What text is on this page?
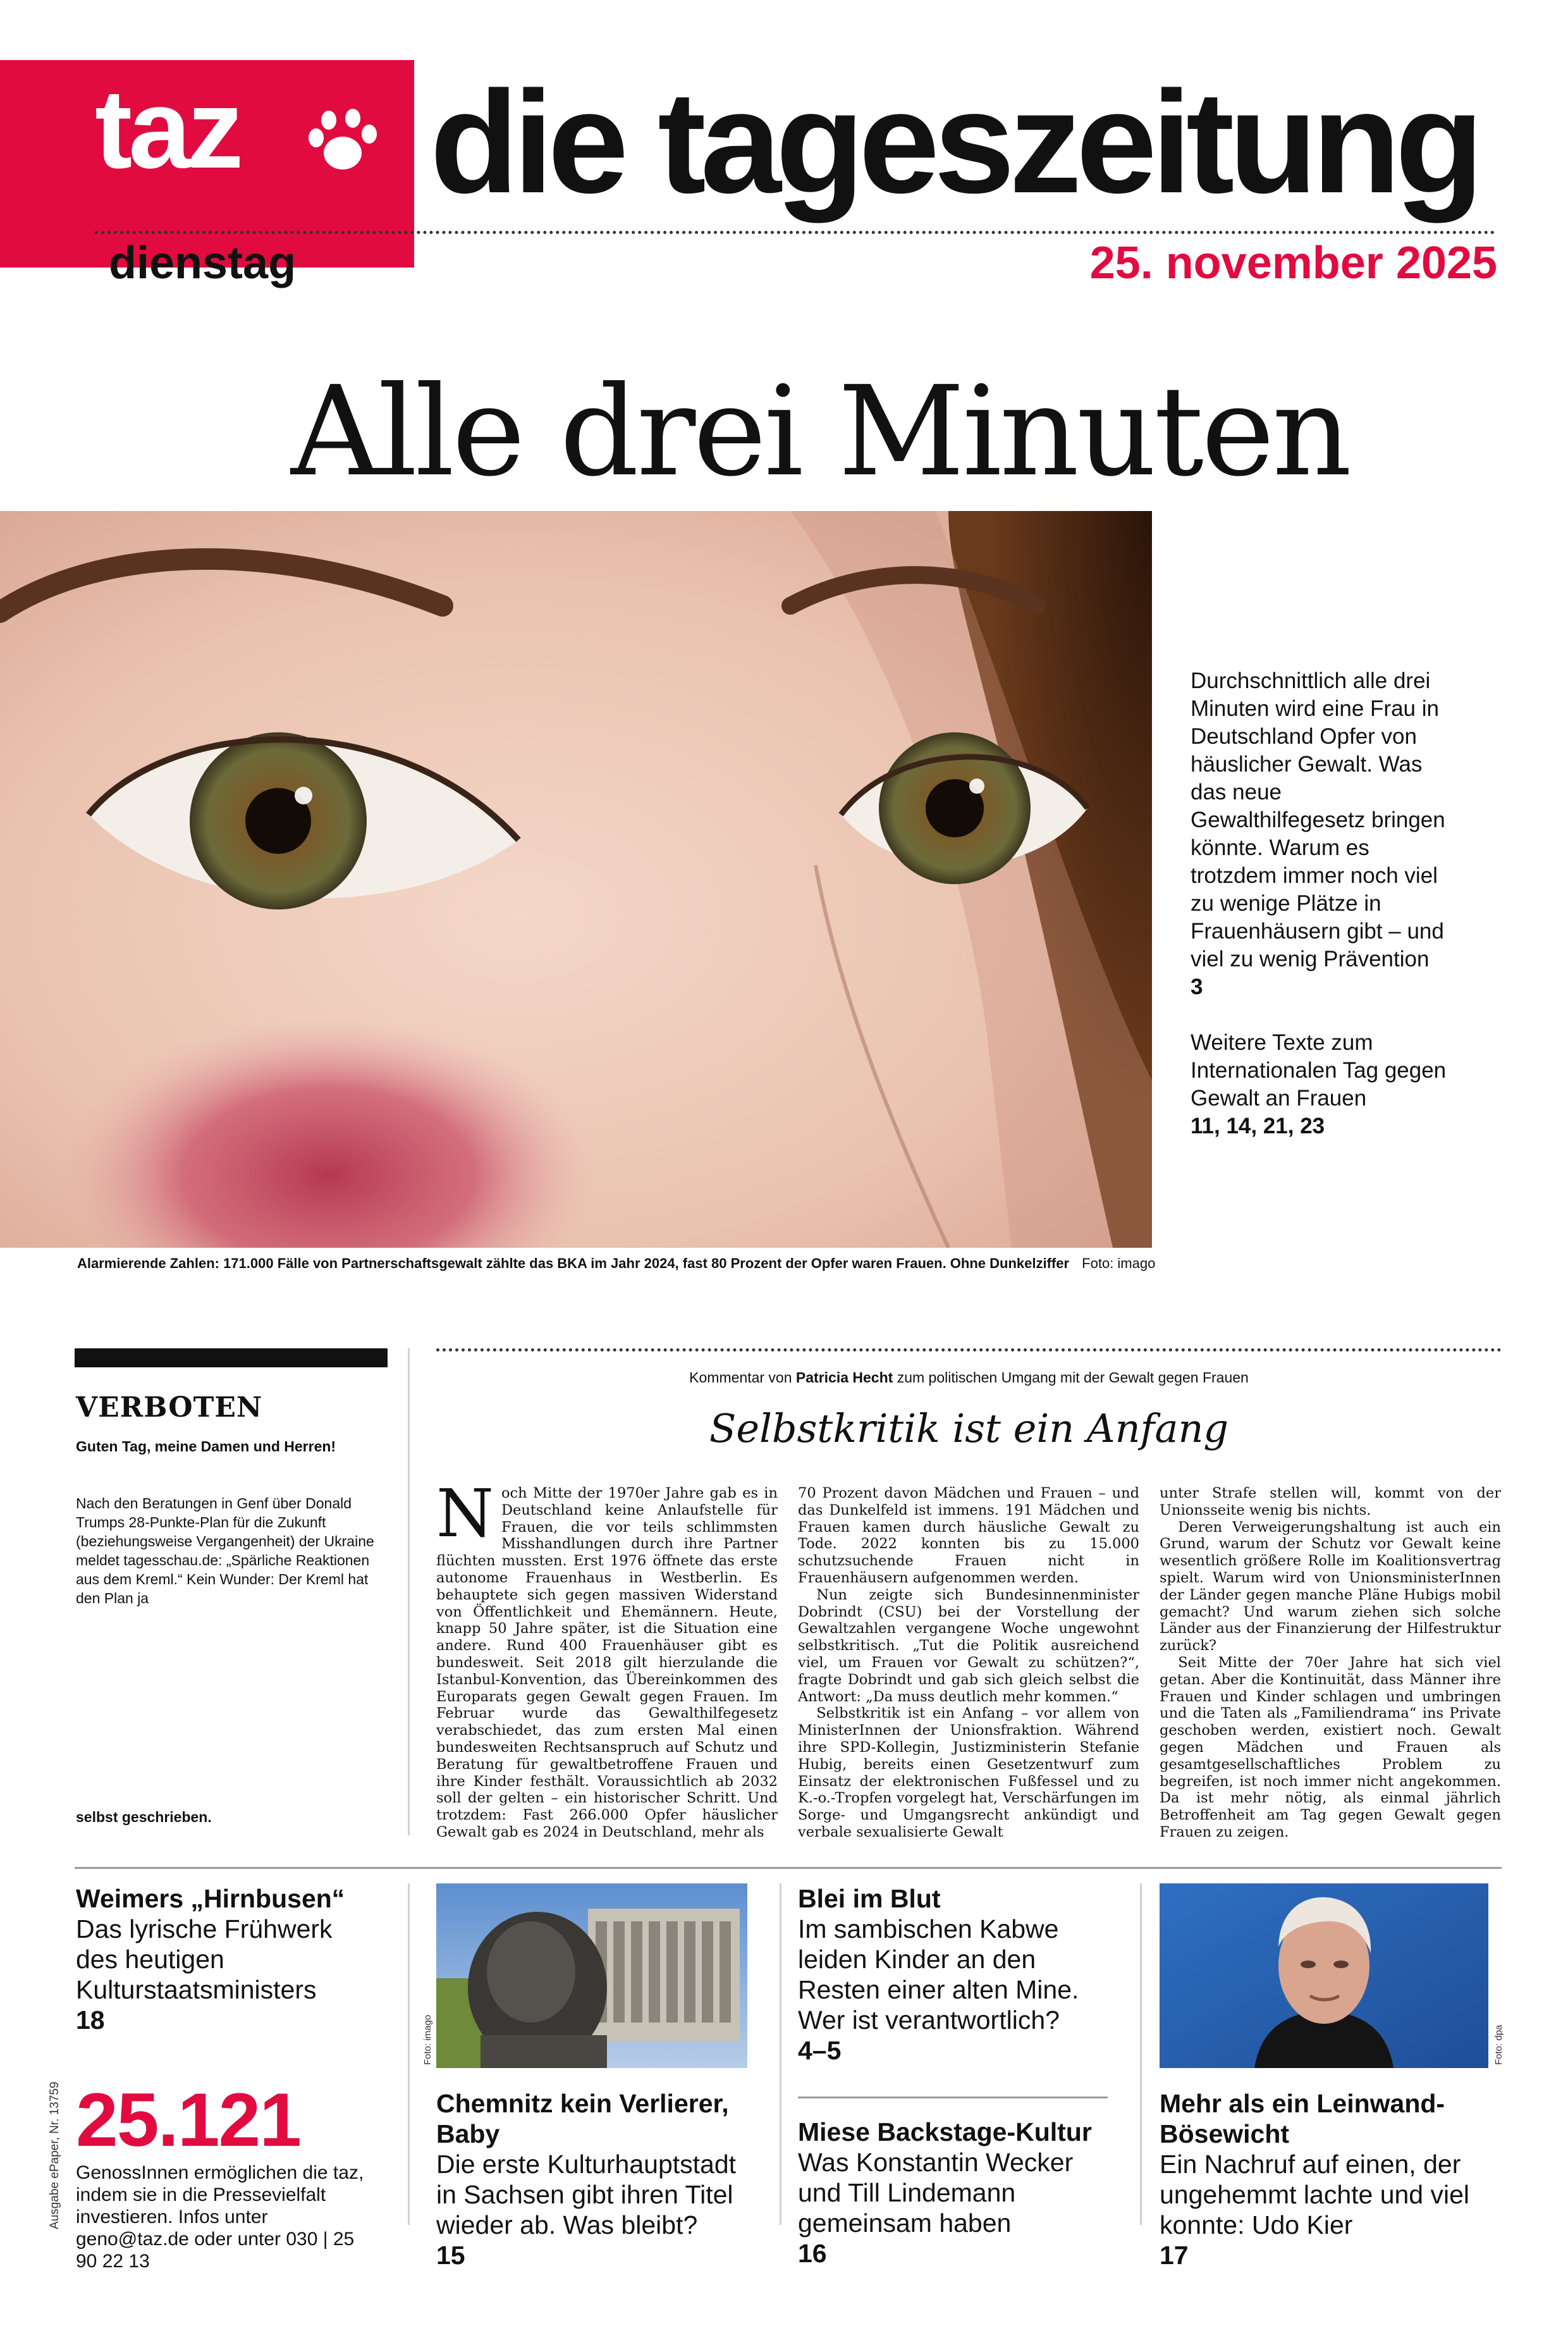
taz die tageszeitung
dienstag	25. november 2025
Alle drei Minuten
Alarmierende Zahlen: 171.000 Fälle von Partnerschaftsgewalt zählte das BKA im Jahr 2024, fast 80 Prozent der Opfer waren Frauen. Ohne Dunkelziffer Foto: imago

Durchschnittlich alle drei Minuten wird eine Frau in Deutschland Opfer von häuslicher Gewalt. Was das neue Gewalthilfegesetz bringen könnte. Warum es trotzdem immer noch viel zu wenige Plätze in Frauenhäusern gibt – und viel zu wenig Prävention

3

Weitere Texte zum Internationalen Tag gegen Gewalt an Frauen

11, 14, 21, 23

VERBOTEN
Guten Tag, meine Damen und Herren!
Nach den Beratungen in Genf über Donald Trumps 28-Punkte-Plan für die Zukunft (beziehungsweise Vergangenheit) der Ukraine meldet tagesschau.de: „Spärliche Reaktionen aus dem Kreml.“ Kein Wunder: Der Kreml hat den Plan ja
selbst geschrieben.
Kommentar von Patricia Hecht zum politischen Umgang mit der Gewalt gegen Frauen
Selbstkritik ist ein Anfang
N och Mitte der 1970er Jahre gab es in Deutschland keine Anlaufstelle für Frauen, die vor teils schlimmsten Misshandlungen durch ihre Partner flüchten mussten. Erst 1976 öffnete das erste autonome Frauenhaus in Westberlin. Es behauptete sich gegen massiven Widerstand von Öffentlichkeit und Ehemännern. Heute, knapp 50 Jahre später, ist die Situation eine andere. Rund 400 Frauenhäuser gibt es bundesweit. Seit 2018 gilt hierzulande die Istanbul-Konvention, das Übereinkommen des Europarats gegen Gewalt gegen Frauen. Im Februar wurde das Gewalthilfegesetz verabschiedet, das zum ersten Mal einen bundesweiten Rechtsanspruch auf Schutz und Beratung für gewaltbetroffene Frauen und ihre Kinder festhält. Voraussichtlich ab 2032 soll der gelten – ein historischer Schritt. Und trotzdem: Fast 266.000 Opfer häuslicher Gewalt gab es 2024 in Deutschland, mehr als

70 Prozent davon Mädchen und Frauen – und das Dunkelfeld ist immens. 191 Mädchen und Frauen kamen durch häusliche Gewalt zu Tode. 2022 konnten bis zu 15.000 schutzsuchende Frauen nicht in Frauenhäusern aufgenommen werden.

Nun zeigte sich Bundesinnenminister Dobrindt (CSU) bei der Vorstellung der Gewaltzahlen vergangene Woche ungewohnt selbstkritisch. „Tut die Politik ausreichend viel, um Frauen vor Gewalt zu schützen?“, fragte Dobrindt und gab sich gleich selbst die Antwort: „Da muss deutlich mehr kommen.“

Selbstkritik ist ein Anfang – vor allem von MinisterInnen der Unionsfraktion. Während ihre SPD-Kollegin, Justizministerin Stefanie Hubig, bereits einen Gesetzentwurf zum Einsatz der elektronischen Fußfessel und zu K.-o.-Tropfen vorgelegt hat, Verschärfungen im Sorge- und Umgangsrecht ankündigt und verbale sexualisierte Gewalt

unter Strafe stellen will, kommt von der Unionsseite wenig bis nichts.

Deren Verweigerungshaltung ist auch ein Grund, warum der Schutz vor Gewalt keine wesentlich größere Rolle im Koalitionsvertrag spielt. Warum wird von UnionsministerInnen der Länder gegen manche Pläne Hubigs mobil gemacht? Und warum ziehen sich solche Länder aus der Finanzierung der Hilfestruktur zurück?

Seit Mitte der 70er Jahre hat sich viel getan. Aber die Kontinuität, dass Männer ihre Frauen und Kinder schlagen und umbringen und die Taten als „Familiendrama“ ins Private geschoben werden, existiert noch. Gewalt gegen Mädchen und Frauen als gesamtgesellschaftliches Problem zu begreifen, ist noch immer nicht angekommen. Da ist mehr nötig, als einmal jährlich Betroffenheit am Tag gegen Gewalt gegen Frauen zu zeigen.

Weimers „Hirnbusen“
Das lyrische Frühwerk des heutigen Kulturstaatsministers
18
Ausgabe ePaper, Nr. 13759 25.121
GenossInnen ermöglichen die taz, indem sie in die Pressevielfalt investieren. Infos unter geno@taz.de oder unter 030 | 25 90 22 13
Foto: imago
Chemnitz kein Verlierer, Baby
Die erste Kulturhauptstadt in Sachsen gibt ihren Titel wieder ab. Was bleibt?
15
Blei im Blut
Im sambischen Kabwe leiden Kinder an den Resten einer alten Mine. Wer ist verantwortlich?
4–5
Miese Backstage-Kultur
Was Konstantin Wecker und Till Lindemann gemeinsam haben
16
Foto: dpa
Mehr als ein Leinwand-Bösewicht
Ein Nachruf auf einen, der ungehemmt lachte und viel konnte: Udo Kier
17
